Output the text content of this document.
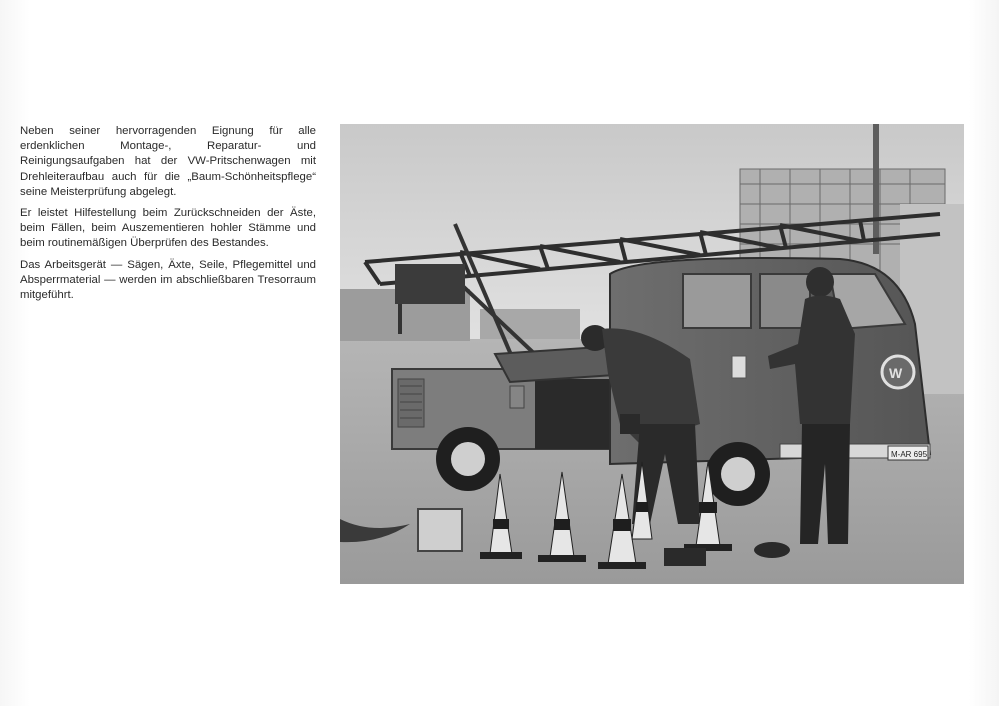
Neben seiner hervorragenden Eignung für alle erdenklichen Montage-, Reparatur- und Reinigungsaufgaben hat der VW-Pritschenwagen mit Drehleiteraufbau auch für die „Baum-Schönheitspflege“ seine Meisterprüfung abgelegt.

Er leistet Hilfestellung beim Zurückschneiden der Äste, beim Fällen, beim Auszementieren hohler Stämme und beim routinemäßigen Überprüfen des Bestandes.

Das Arbeitsgerät — Sägen, Äxte, Seile, Pflegemittel und Absperrmaterial — werden im abschließbaren Tresorraum mitgeführt.

W
M-AR 695
